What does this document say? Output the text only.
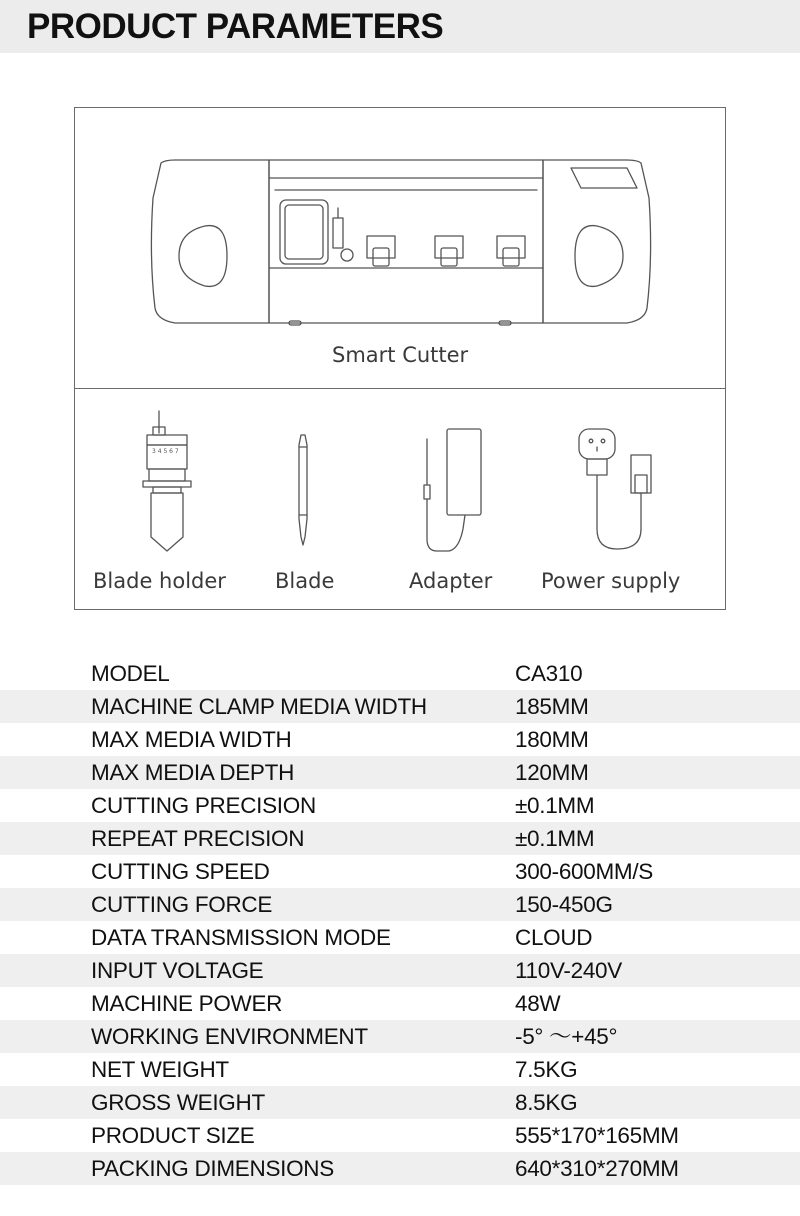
PRODUCT PARAMETERS
Smart Cutter
3 4 5 6 7
Blade holder Blade	Adapter Power supply
MODEL	CA310
MACHINE CLAMP MEDIA WIDTH	185MM
MAX MEDIA WIDTH	180MM
MAX MEDIA DEPTH	120MM
CUTTING PRECISION	±0.1MM
REPEAT PRECISION	±0.1MM
CUTTING SPEED	300-600MM/S
CUTTING FORCE	150-450G
DATA TRANSMISSION MODE	CLOUD
INPUT VOLTAGE	110V-240V
MACHINE POWER	48W
WORKING ENVIRONMENT	-5° ～+45°
NET WEIGHT	7.5KG
GROSS WEIGHT	8.5KG
PRODUCT SIZE	555*170*165MM
PACKING DIMENSIONS	640*310*270MM
